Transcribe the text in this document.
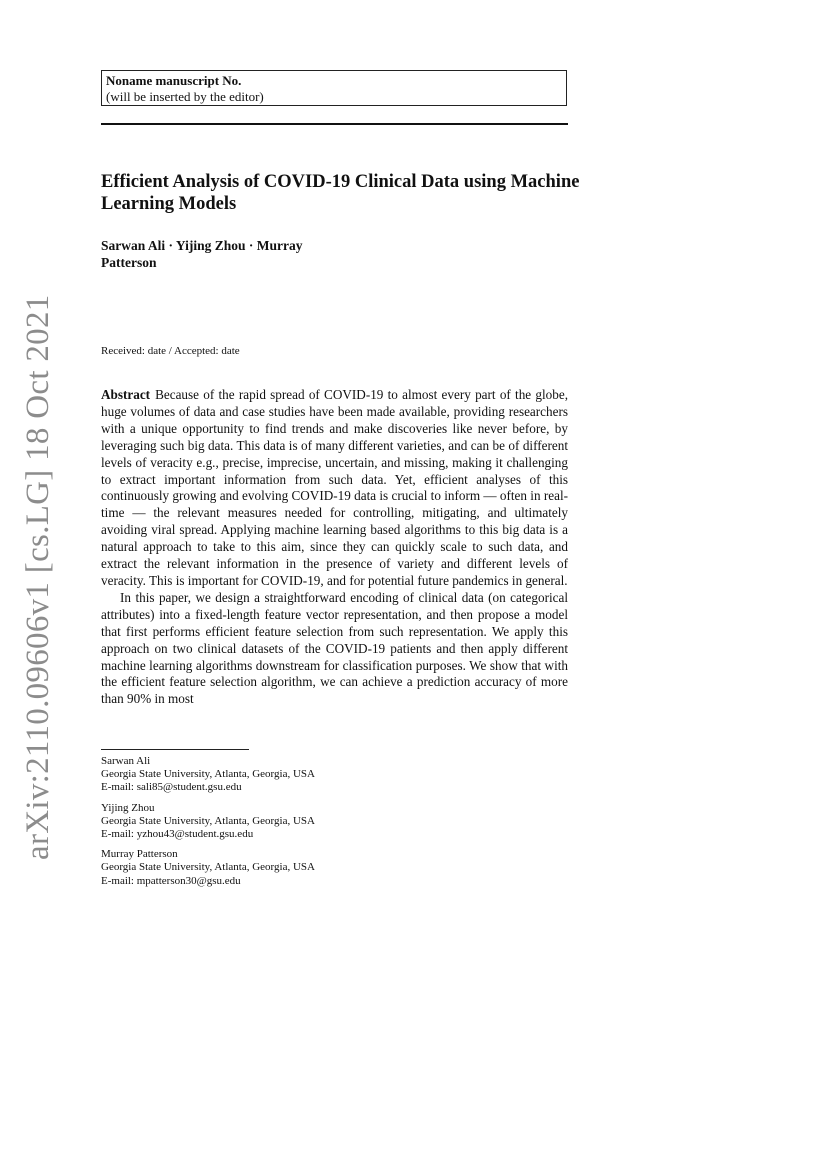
arXiv:2110.09606v1 [cs.LG] 18 Oct 2021
Noname manuscript No.
(will be inserted by the editor)
Efficient Analysis of COVID-19 Clinical Data using Machine Learning Models
Sarwan Ali · Yijing Zhou · Murray
Patterson
Received: date / Accepted: date

Abstract Because of the rapid spread of COVID-19 to almost every part of the globe, huge volumes of data and case studies have been made available, providing researchers with a unique opportunity to find trends and make discoveries like never before, by leveraging such big data. This data is of many different varieties, and can be of different levels of veracity e.g., precise, imprecise, uncertain, and missing, making it challenging to extract important information from such data. Yet, efficient analyses of this continuously growing and evolving COVID-19 data is crucial to inform — often in real-time — the relevant measures needed for controlling, mitigating, and ultimately avoiding viral spread. Applying machine learning based algorithms to this big data is a natural approach to take to this aim, since they can quickly scale to such data, and extract the relevant information in the presence of variety and different levels of veracity. This is important for COVID-19, and for potential future pandemics in general.

In this paper, we design a straightforward encoding of clinical data (on categorical attributes) into a fixed-length feature vector representation, and then propose a model that first performs efficient feature selection from such representation. We apply this approach on two clinical datasets of the COVID-19 patients and then apply different machine learning algorithms downstream for classification purposes. We show that with the efficient feature selection algorithm, we can achieve a prediction accuracy of more than 90% in most

Sarwan Ali
Georgia State University, Atlanta, Georgia, USA
E-mail: sali85@student.gsu.edu
Yijing Zhou
Georgia State University, Atlanta, Georgia, USA
E-mail: yzhou43@student.gsu.edu
Murray Patterson
Georgia State University, Atlanta, Georgia, USA
E-mail: mpatterson30@gsu.edu
